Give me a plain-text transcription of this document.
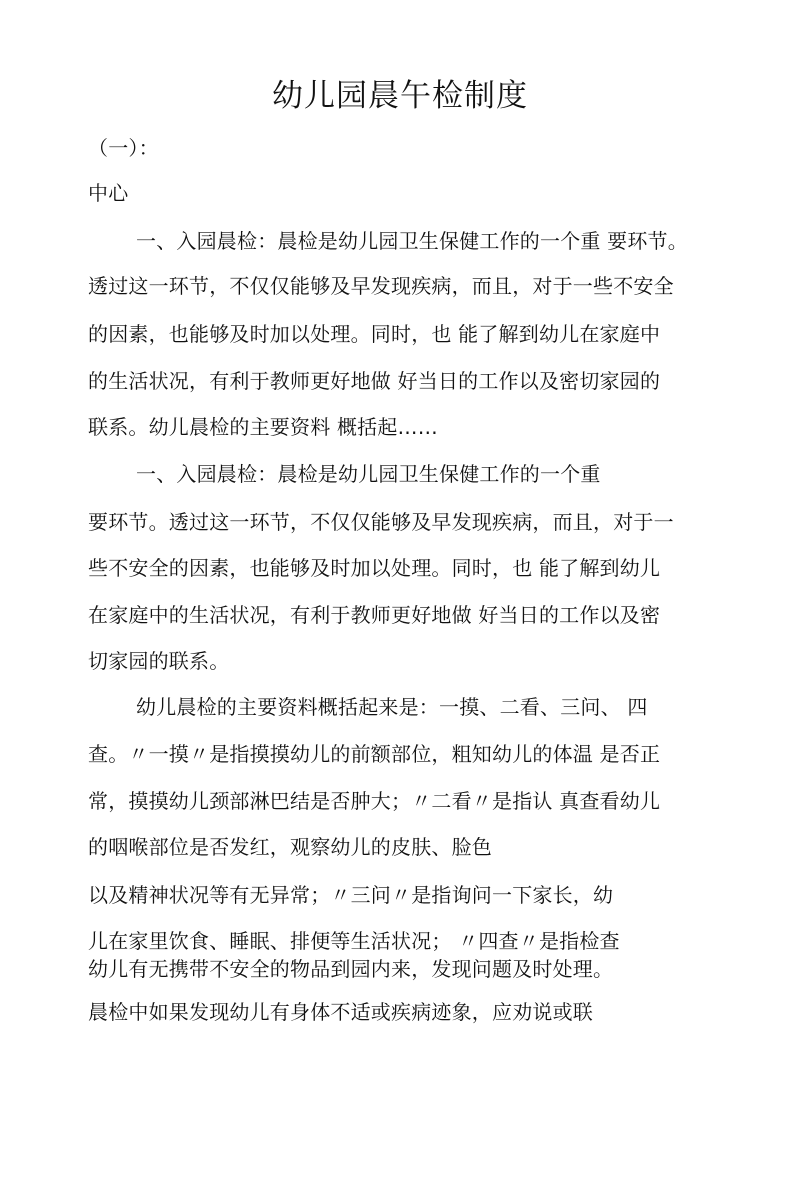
幼儿园晨午检制度
（一）：
中心
一、入园晨检：晨检是幼儿园卫生保健工作的一个重 要环节。
透过这一环节，不仅仅能够及早发现疾病，而且，对于一些不安全
的因素，也能够及时加以处理。同时，也 能了解到幼儿在家庭中
的生活状况，有利于教师更好地做 好当日的工作以及密切家园的
联系。幼儿晨检的主要资料 概括起……
一、入园晨检：晨检是幼儿园卫生保健工作的一个重
要环节。透过这一环节，不仅仅能够及早发现疾病，而且，对于一
些不安全的因素，也能够及时加以处理。同时，也 能了解到幼儿
在家庭中的生活状况，有利于教师更好地做 好当日的工作以及密
切家园的联系。
幼儿晨检的主要资料概括起来是：一摸、二看、三问、 四
查。〃一摸〃是指摸摸幼儿的前额部位，粗知幼儿的体温 是否正
常，摸摸幼儿颈部淋巴结是否肿大；〃二看〃是指认 真查看幼儿
的咽喉部位是否发红，观察幼儿的皮肤、脸色
以及精神状况等有无异常；〃三问〃是指询问一下家长，幼
儿在家里饮食、睡眠、排便等生活状况； 〃四查〃是指检查
幼儿有无携带不安全的物品到园内来，发现问题及时处理。
晨检中如果发现幼儿有身体不适或疾病迹象，应劝说或联
